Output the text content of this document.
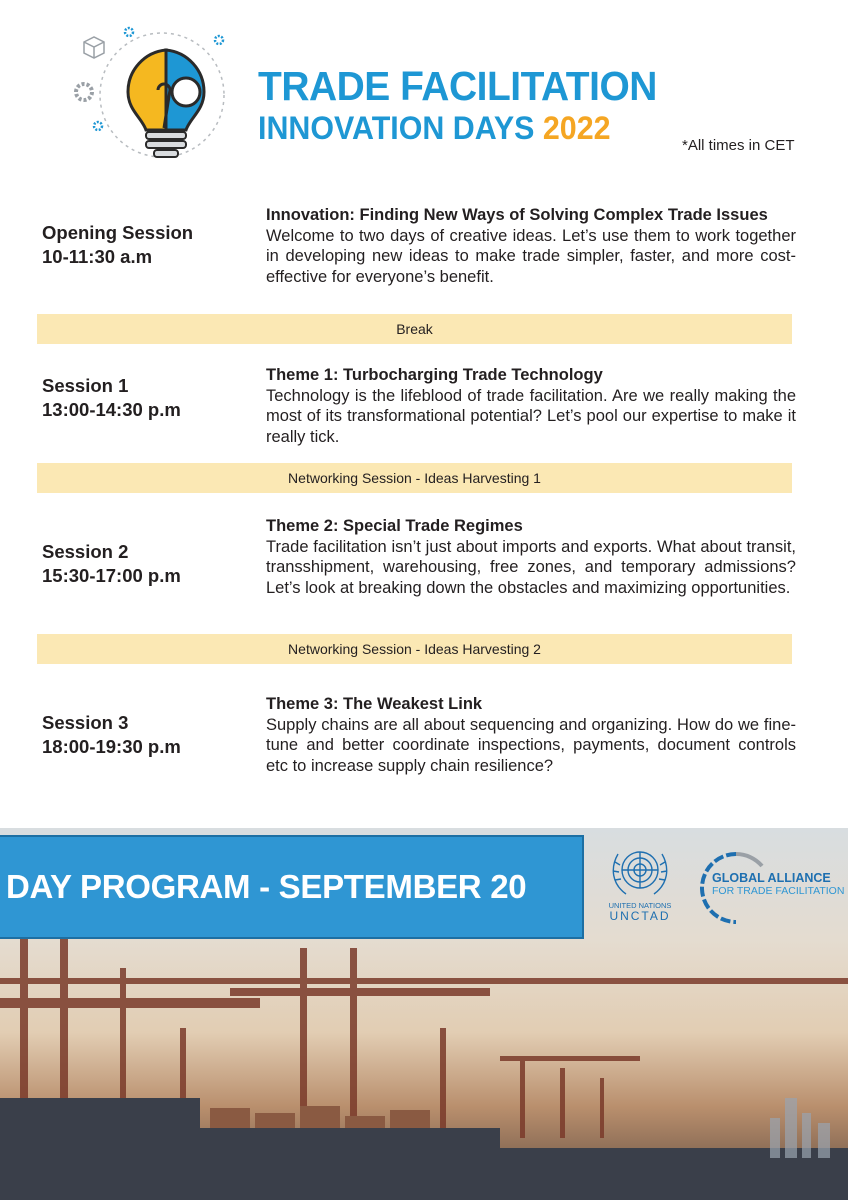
TRADE FACILITATION
INNOVATION DAYS 2022	*All times in CET
Opening Session
10-11:30 a.m
Innovation: Finding New Ways of Solving Complex Trade Issues
Welcome to two days of creative ideas. Let’s use them to work together in developing new ideas to make trade simpler, faster, and more cost-effective for everyone’s benefit.
Break
Session 1
13:00-14:30 p.m
Theme 1: Turbocharging Trade Technology
Technology is the lifeblood of trade facilitation. Are we really making the most of its transformational potential? Let’s pool our expertise to make it really tick.
Networking Session - Ideas Harvesting 1
Session 2
15:30-17:00 p.m
Theme 2: Special Trade Regimes
Trade facilitation isn’t just about imports and exports. What about transit, transshipment, warehousing, free zones, and temporary admissions? Let’s look at breaking down the obstacles and maximizing opportunities.
Networking Session - Ideas Harvesting 2
Session 3
18:00-19:30 p.m
Theme 3: The Weakest Link
Supply chains are all about sequencing and organizing. How do we fine-tune and better coordinate inspections, payments, document controls etc to increase supply chain resilience?
DAY PROGRAM - SEPTEMBER 20
UNITED NATIONS
UNCTAD
GLOBAL ALLIANCE
FOR TRADE FACILITATION
